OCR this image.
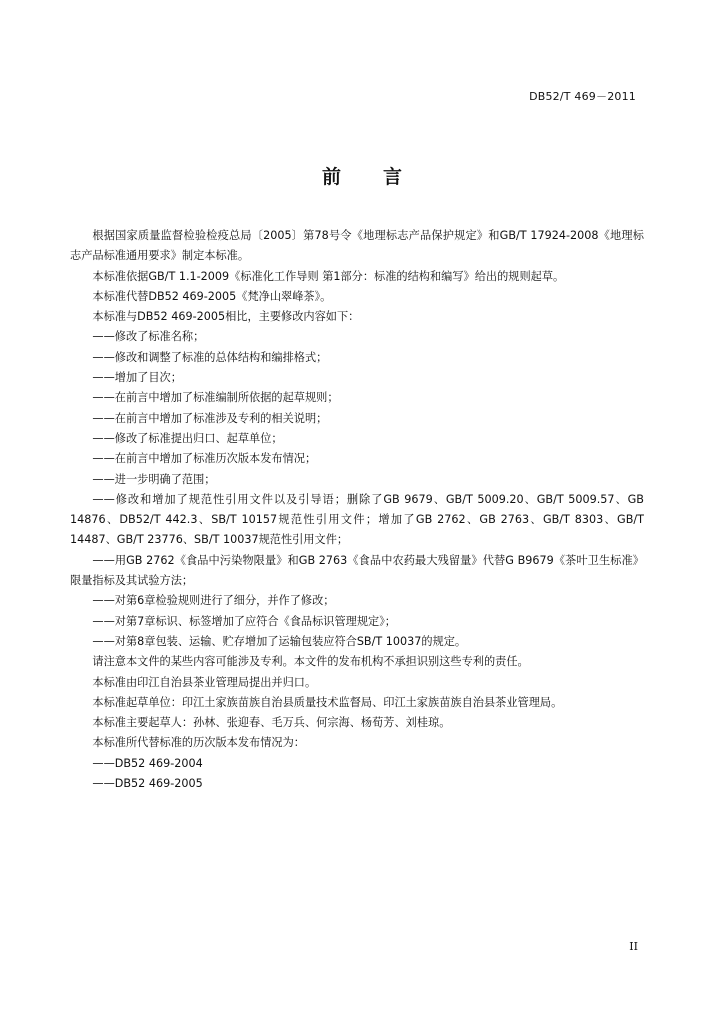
DB52/T 469－2011
前 言

根据国家质量监督检验检疫总局〔2005〕第78号令《地理标志产品保护规定》和GB/T 17924-2008《地理标志产品标准通用要求》制定本标准。

本标准依据GB/T 1.1-2009《标准化工作导则 第1部分：标准的结构和编写》给出的规则起草。

本标准代替DB52 469-2005《梵净山翠峰茶》。

本标准与DB52 469-2005相比，主要修改内容如下：

——修改了标准名称；

——修改和调整了标准的总体结构和编排格式；

——增加了目次；

——在前言中增加了标准编制所依据的起草规则；

——在前言中增加了标准涉及专利的相关说明；

——修改了标准提出归口、起草单位；

——在前言中增加了标准历次版本发布情况；

——进一步明确了范围；

——修改和增加了规范性引用文件以及引导语；删除了GB 9679、GB/T 5009.20、GB/T 5009.57、GB 14876、DB52/T 442.3、SB/T 10157规范性引用文件；增加了GB 2762、GB 2763、GB/T 8303、GB/T 14487、GB/T 23776、SB/T 10037规范性引用文件；

——用GB 2762《食品中污染物限量》和GB 2763《食品中农药最大残留量》代替G B9679《茶叶卫生标准》限量指标及其试验方法；

——对第6章检验规则进行了细分，并作了修改；

——对第7章标识、标签增加了应符合《食品标识管理规定》；

——对第8章包装、运输、贮存增加了运输包装应符合SB/T 10037的规定。

请注意本文件的某些内容可能涉及专利。本文件的发布机构不承担识别这些专利的责任。

本标准由印江自治县茶业管理局提出并归口。

本标准起草单位：印江土家族苗族自治县质量技术监督局、印江土家族苗族自治县茶业管理局。

本标准主要起草人：孙林、张迎春、毛万兵、何宗海、杨荀芳、刘桂琼。

本标准所代替标准的历次版本发布情况为：

——DB52 469-2004

——DB52 469-2005

II
